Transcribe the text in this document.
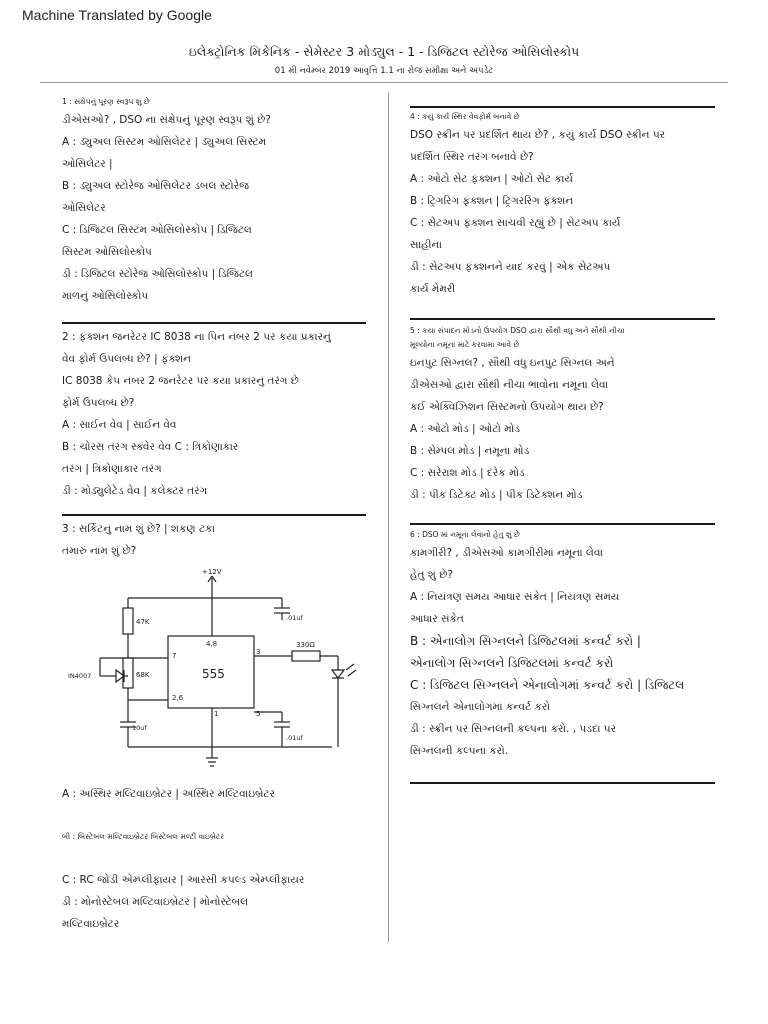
Machine Translated by Google
ઇલેક્ટ્રોનિક મિકેનિક - સેમેસ્ટર 3 મોડ્યુલ - 1 - ડિજિટલ સ્ટોરેજ ઓસિલોસ્કોપ
01 મી નવેમ્બર 2019 આવૃત્તિ 1.1 ના રોજ સમીક્ષા અને અપડેટ
1 : સંક્ષેપનું પૂરણ સ્વરૂપ શું છે
ડીએસઓ? , DSO ના સંક્ષેપનું પૂરણ સ્વરૂપ શું છે?
A : ડ્યુઅલ સિસ્ટમ ઓસિલેટર | ડ્યુઅલ સિસ્ટમ
ઓસિલેટર |
B : ડ્યુઅલ સ્ટોરેજ ઓસિલેટર ડબલ સ્ટોરેજ
ઓસિલેટર
C : ડિજિટલ સિસ્ટમ ઓસિલોસ્કોપ | ડિજિટલ
સિસ્ટમ ઓસિલોસ્કોપ
ડી : ડિજિટલ સ્ટોરેજ ઓસિલોસ્કોપ | ડિજિટલ
માળનું ઓસિલોસ્કોપ
2 : ફંક્શન જનરેટર IC 8038 ના પિન નંબર 2 પર કયા પ્રકારનું
વેવ ફોર્મ ઉપલબ્ધ છે? | ફંક્શન
IC 8038 કેપ નંબર 2 જનરેટર પર કયા પ્રકારનું તરંગ છે
ફોર્મ ઉપલબ્ધ છે?
A : સાઈન વેવ | સાઈન વેવ
B : ચોરસ તરંગ સ્ક્વેર વેવ C : ત્રિકોણાકાર
તરંગ | ત્રિકોણાકાર તરંગ
ડી : મોડ્યુલેટેડ વેવ | કલેક્ટર તરંગ
3 : સર્કિટનું નામ શું છે? | શકણ ટકા
તમારું નામ શું છે?
+12V
47K
68K
330Ω
.01uf
10uf
.01uf
IN4007	555
4,8
7	3
2,6
1	5
A : અસ્થિર મલ્ટિવાઇબ્રેટર | અસ્થિર મલ્ટિવાઇબ્રેટર
બી : બિસ્ટેબલ મલ્ટિવાઇબ્રેટર બિસ્ટેબલ મલ્ટી વાઇબ્રેટર
C : RC જોડી એમ્પ્લીફાયર | આરસી કપલ્ડ એમ્પ્લીફાયર
ડી : મોનોસ્ટેબલ મલ્ટિવાઇબ્રેટર | મોનોસ્ટેબલ
મલ્ટિવાઇબ્રેટર
4 : કયું કાર્ય સ્થિર વેવફોર્મ બનાવે છે
DSO સ્ક્રીન પર પ્રદર્શિત થાય છે? , કયું કાર્ય DSO સ્ક્રીન પર
પ્રદર્શિત સ્થિર તરંગ બનાવે છે?
A : ઓટો સેટ ફંક્શન | ઓટો સેટ કાર્ય
B : ટ્રિગરિંગ ફંક્શન | ટ્રિગરરિંગ ફંક્શન
C : સેટઅપ ફંક્શન સાચવી રહ્યું છે | સેટઅપ કાર્ય
સાહીના
ડી : સેટઅપ ફંક્શનને યાદ કરવું | એક સેટઅપ
કાર્ય મેમરી
5 : કયા સંપાદન મોડનો ઉપયોગ DSO દ્વારા સૌથી વધુ અને સૌથી નીચા
મૂલ્યોના નમૂના માટે કરવામાં આવે છે
ઇનપુટ સિગ્નલ? , સૌથી વધુ ઇનપુટ સિગ્નલ અને
ડીએસઓ દ્વારા સૌથી નીચા ભાવોના નમૂના લેવા
કઈ એક્વિઝિશન સિસ્ટમનો ઉપયોગ થાય છે?
A : ઓટો મોડ | ઓટો મોડ
B : સેમ્પલ મોડ | નમૂના મોડ
C : સરેરાશ મોડ | દરેક મોડ
ડી : પીક ડિટેક્ટ મોડ | પીક ડિટેક્શન મોડ
6 : DSO માં નમૂના લેવાનો હેતુ શું છે
કામગીરી? , ડીએસઓ કામગીરીમાં નમૂના લેવા
હેતુ શું છે?
A : નિયંત્રણ સમય આધાર સંકેત | નિયંત્રણ સમય
આધાર સંકેત
B : એનાલોગ સિગ્નલને ડિજિટલમાં કન્વર્ટ કરો |
એનાલોગ સિગ્નલને ડિજિટલમાં કન્વર્ટ કરો
C : ડિજિટલ સિગ્નલને એનાલોગમાં કન્વર્ટ કરો | ડિજિટલ
સિગ્નલને એનાલોગમાં કન્વર્ટ કરો
ડી : સ્ક્રીન પર સિગ્નલની કલ્પના કરો. , પડદા પર
સિગ્નલની કલ્પના કરો.
